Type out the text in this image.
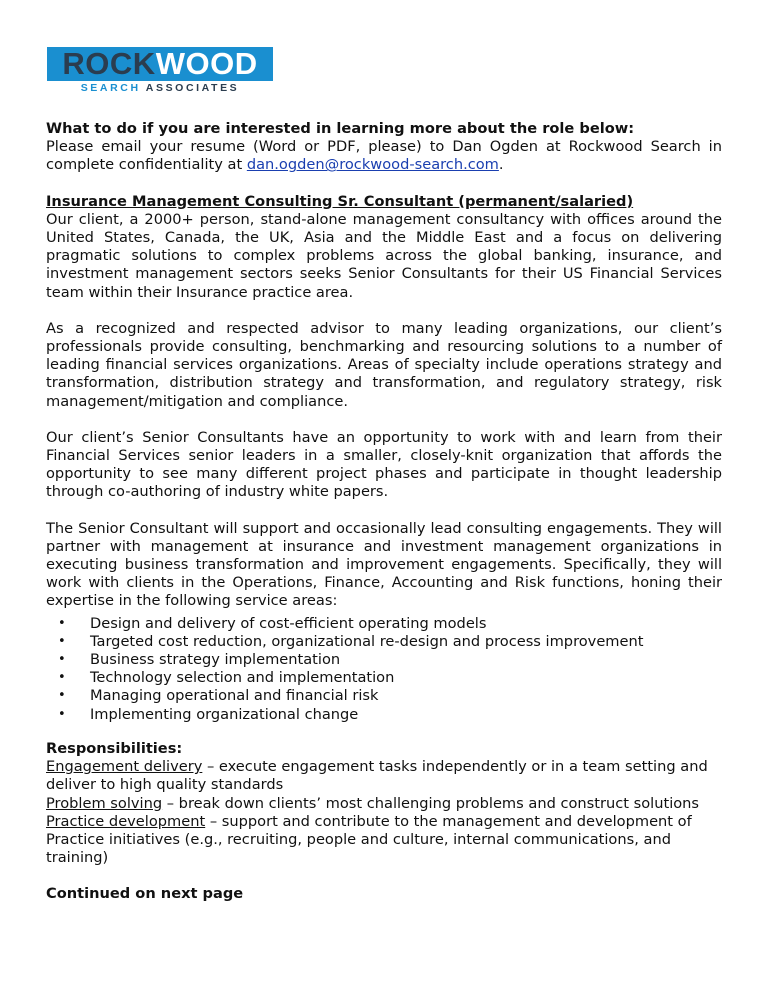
ROCKWOOD
SEARCH ASSOCIATES

What to do if you are interested in learning more about the role below:
Please email your resume (Word or PDF, please) to Dan Ogden at Rockwood Search in complete confidentiality at dan.ogden@rockwood-search.com.

Insurance Management Consulting Sr. Consultant (permanent/salaried)
Our client, a 2000+ person, stand-alone management consultancy with offices around the United States, Canada, the UK, Asia and the Middle East and a focus on delivering pragmatic solutions to complex problems across the global banking, insurance, and investment management sectors seeks Senior Consultants for their US Financial Services team within their Insurance practice area.

As a recognized and respected advisor to many leading organizations, our client’s professionals provide consulting, benchmarking and resourcing solutions to a number of leading financial services organizations. Areas of specialty include operations strategy and transformation, distribution strategy and transformation, and regulatory strategy, risk management/mitigation and compliance.

Our client’s Senior Consultants have an opportunity to work with and learn from their Financial Services senior leaders in a smaller, closely-knit organization that affords the opportunity to see many different project phases and participate in thought leadership through co-authoring of industry white papers.

The Senior Consultant will support and occasionally lead consulting engagements. They will partner with management at insurance and investment management organizations in executing business transformation and improvement engagements. Specifically, they will work with clients in the Operations, Finance, Accounting and Risk functions, honing their expertise in the following service areas:

• Design and delivery of cost-efficient operating models
• Targeted cost reduction, organizational re-design and process improvement
• Business strategy implementation
• Technology selection and implementation
• Managing operational and financial risk
• Implementing organizational change

Responsibilities:

Engagement delivery – execute engagement tasks independently or in a team setting and deliver to high quality standards

Problem solving – break down clients’ most challenging problems and construct solutions

Practice development – support and contribute to the management and development of Practice initiatives (e.g., recruiting, people and culture, internal communications, and training)

Continued on next page
